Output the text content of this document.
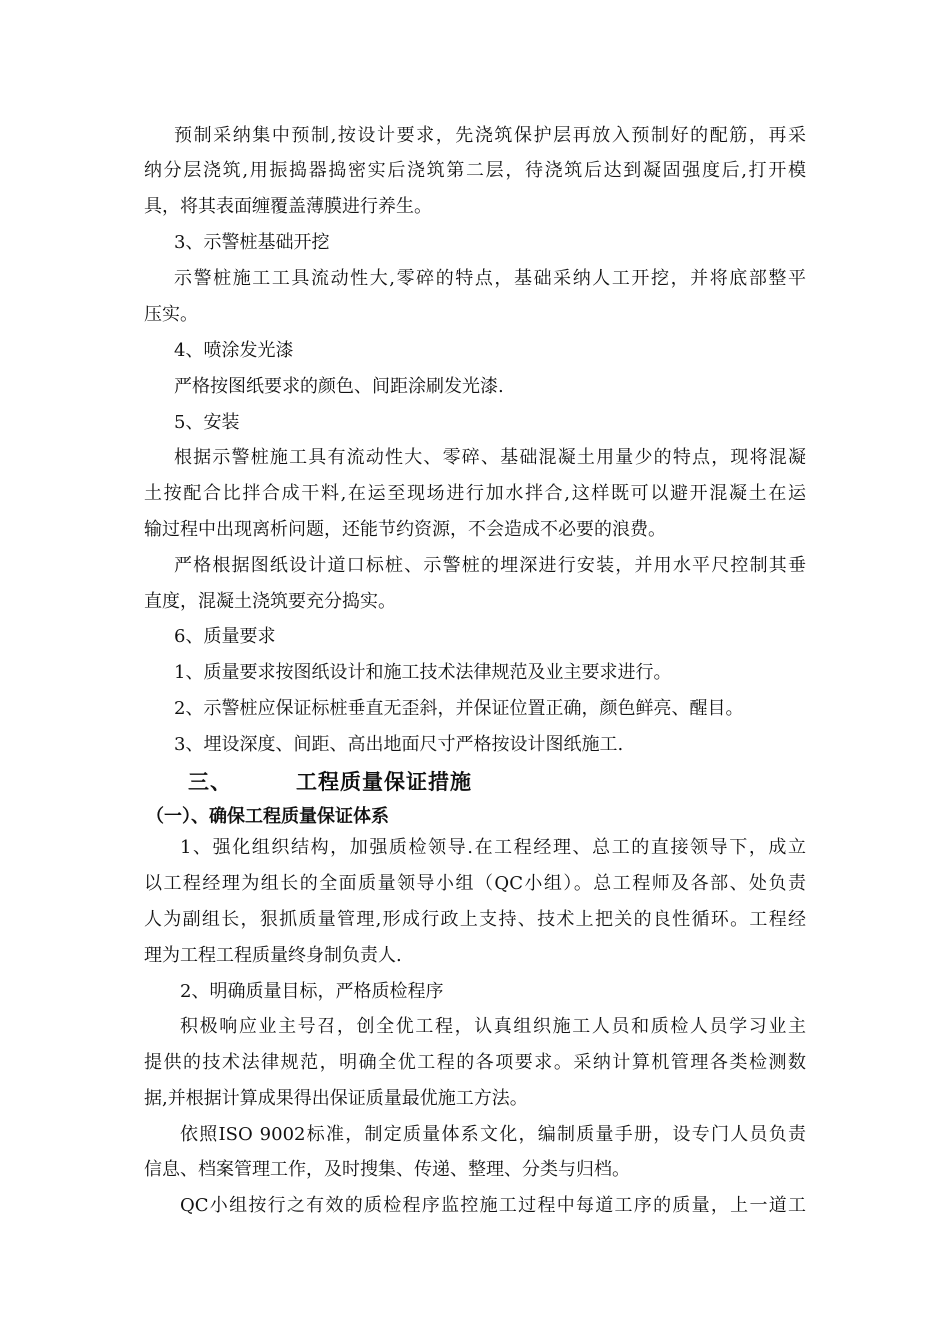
预制采纳集中预制,按设计要求，先浇筑保护层再放入预制好的配筋，再采
纳分层浇筑,用振捣器捣密实后浇筑第二层，待浇筑后达到凝固强度后,打开模
具，将其表面缠覆盖薄膜进行养生。
3、示警桩基础开挖
示警桩施工工具流动性大,零碎的特点，基础采纳人工开挖，并将底部整平
压实。
4、喷涂发光漆
严格按图纸要求的颜色、间距涂刷发光漆.
5、安装
根据示警桩施工具有流动性大、零碎、基础混凝土用量少的特点，现将混凝
土按配合比拌合成干料,在运至现场进行加水拌合,这样既可以避开混凝土在运
输过程中出现离析问题，还能节约资源，不会造成不必要的浪费。
严格根据图纸设计道口标桩、示警桩的埋深进行安装，并用水平尺控制其垂
直度，混凝土浇筑要充分捣实。
6、质量要求
1、质量要求按图纸设计和施工技术法律规范及业主要求进行。
2、示警桩应保证标桩垂直无歪斜，并保证位置正确，颜色鲜亮、醒目。
3、埋设深度、间距、高出地面尺寸严格按设计图纸施工.
三、	工程质量保证措施
（一）、确保工程质量保证体系
1、强化组织结构，加强质检领导.在工程经理、总工的直接领导下，成立
以工程经理为组长的全面质量领导小组（QC小组）。总工程师及各部、处负责
人为副组长，狠抓质量管理,形成行政上支持、技术上把关的良性循环。工程经
理为工程工程质量终身制负责人.
2、明确质量目标，严格质检程序
积极响应业主号召，创全优工程，认真组织施工人员和质检人员学习业主
提供的技术法律规范，明确全优工程的各项要求。采纳计算机管理各类检测数
据,并根据计算成果得出保证质量最优施工方法。
依照ISO 9002标准，制定质量体系文化，编制质量手册，设专门人员负责
信息、档案管理工作，及时搜集、传递、整理、分类与归档。
QC小组按行之有效的质检程序监控施工过程中每道工序的质量，上一道工
